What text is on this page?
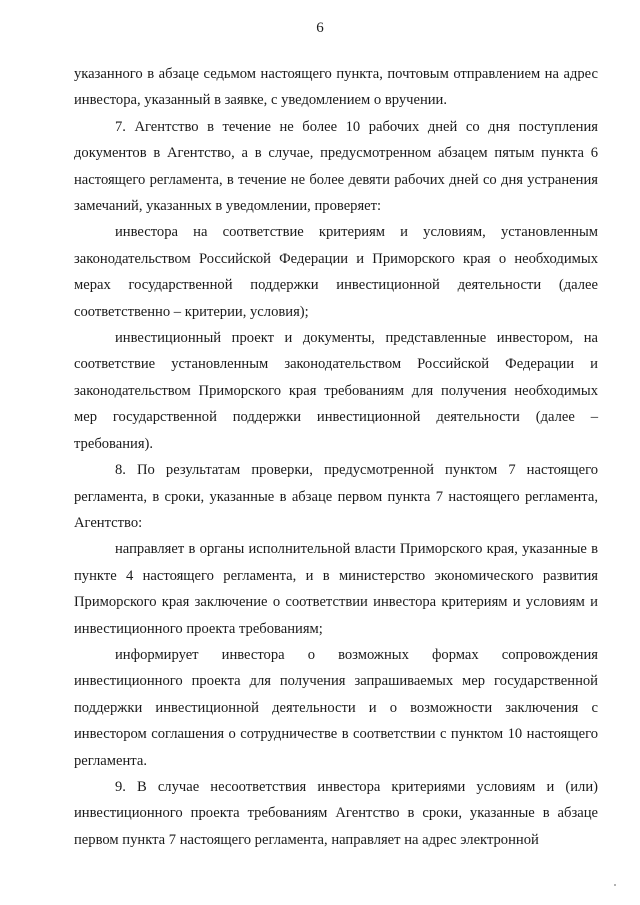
6

указанного в абзаце седьмом настоящего пункта, почтовым отправлением на адрес инвестора, указанный в заявке, с уведомлением о вручении.

7. Агентство в течение не более 10 рабочих дней со дня поступления документов в Агентство, а в случае, предусмотренном абзацем пятым пункта 6 настоящего регламента, в течение не более девяти рабочих дней со дня устранения замечаний, указанных в уведомлении, проверяет:

инвестора на соответствие критериям и условиям, установленным законодательством Российской Федерации и Приморского края о необходимых мерах государственной поддержки инвестиционной деятельности (далее соответственно – критерии, условия);

инвестиционный проект и документы, представленные инвестором, на соответствие установленным законодательством Российской Федерации и законодательством Приморского края требованиям для получения необходимых мер государственной поддержки инвестиционной деятельности (далее – требования).

8. По результатам проверки, предусмотренной пунктом 7 настоящего регламента, в сроки, указанные в абзаце первом пункта 7 настоящего регламента, Агентство:

направляет в органы исполнительной власти Приморского края, указанные в пункте 4 настоящего регламента, и в министерство экономического развития Приморского края заключение о соответствии инвестора критериям и условиям и инвестиционного проекта требованиям;

информирует инвестора о возможных формах сопровождения инвестиционного проекта для получения запрашиваемых мер государственной поддержки инвестиционной деятельности и о возможности заключения с инвестором соглашения о сотрудничестве в соответствии с пунктом 10 настоящего регламента.

9. В случае несоответствия инвестора критериями условиям и (или) инвестиционного проекта требованиям Агентство в сроки, указанные в абзаце первом пункта 7 настоящего регламента, направляет на адрес электронной
